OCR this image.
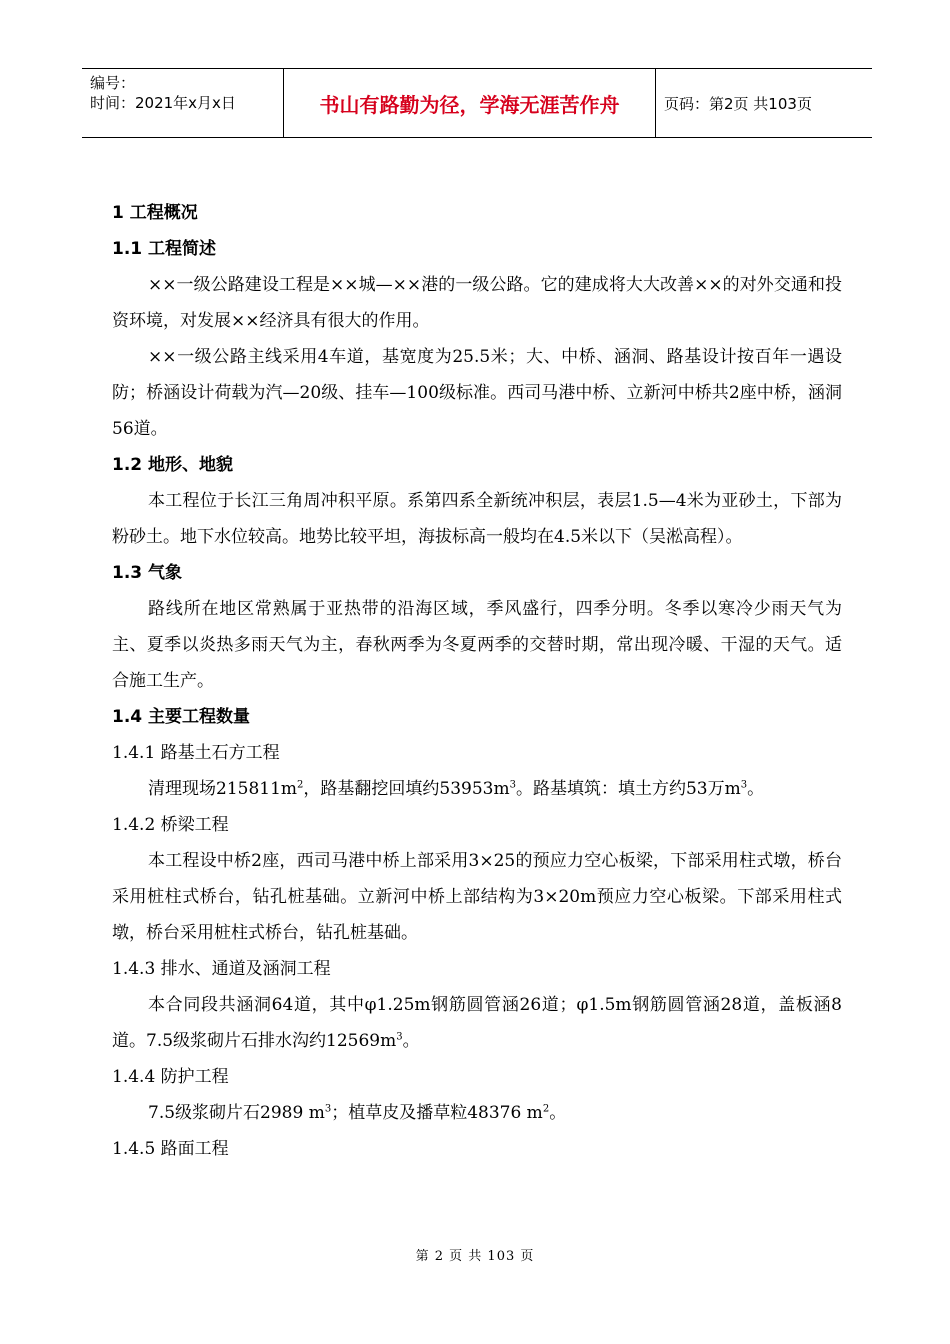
编号：
时间：2021年x月x日	书山有路勤为径，学海无涯苦作舟	页码：第2页 共103页

1 工程概况

1.1 工程简述

××一级公路建设工程是××城—××港的一级公路。它的建成将大大改善××的对外交通和投资环境，对发展××经济具有很大的作用。

××一级公路主线采用4车道，基宽度为25.5米；大、中桥、涵洞、路基设计按百年一遇设防；桥涵设计荷载为汽—20级、挂车—100级标准。西司马港中桥、立新河中桥共2座中桥，涵洞56道。

1.2 地形、地貌

本工程位于长江三角周冲积平原。系第四系全新统冲积层，表层1.5—4米为亚砂土，下部为粉砂土。地下水位较高。地势比较平坦，海拔标高一般均在4.5米以下（吴淞高程）。

1.3 气象

路线所在地区常熟属于亚热带的沿海区域，季风盛行，四季分明。冬季以寒冷少雨天气为主、夏季以炎热多雨天气为主，春秋两季为冬夏两季的交替时期，常出现冷暖、干湿的天气。适合施工生产。

1.4 主要工程数量

1.4.1 路基土石方工程

清理现场$215811m^2$，路基翻挖回填约$53953m^3$。路基填筑：填土方约53万$m^3$。

1.4.2 桥梁工程

本工程设中桥2座，西司马港中桥上部采用3×25的预应力空心板梁，下部采用柱式墩，桥台采用桩柱式桥台，钻孔桩基础。立新河中桥上部结构为3×20m预应力空心板梁。下部采用柱式墩，桥台采用桩柱式桥台，钻孔桩基础。

1.4.3 排水、通道及涵洞工程

本合同段共涵洞64道，其中φ1.25m钢筋圆管涵26道；φ1.5m钢筋圆管涵28道，盖板涵8道。7.5级浆砌片石排水沟约$12569m^3$。

1.4.4 防护工程

7.5级浆砌片石2989 $m^3$；植草皮及播草粒48376 $m^2$。

1.4.5 路面工程

第 2 页 共 103 页
